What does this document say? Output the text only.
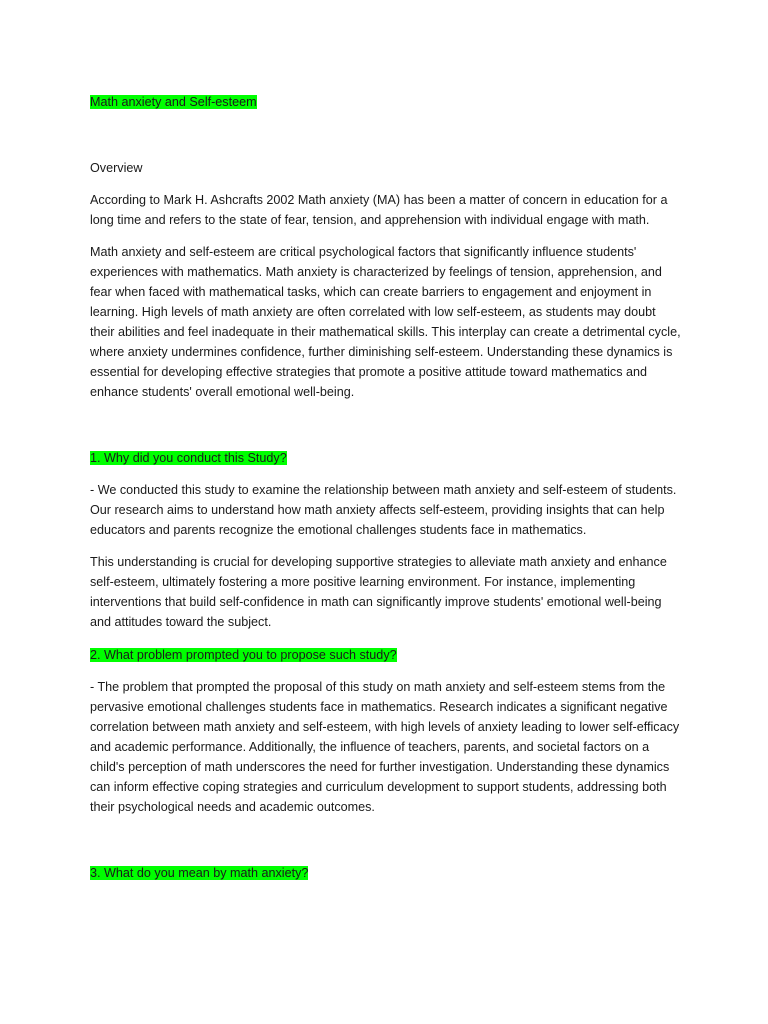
Math anxiety and Self-esteem
Overview

According to Mark H. Ashcrafts 2002 Math anxiety (MA) has been a matter of concern in education for a long time and refers to the state of fear, tension, and apprehension with individual engage with math.

Math anxiety and self-esteem are critical psychological factors that significantly influence students' experiences with mathematics. Math anxiety is characterized by feelings of tension, apprehension, and fear when faced with mathematical tasks, which can create barriers to engagement and enjoyment in learning. High levels of math anxiety are often correlated with low self-esteem, as students may doubt their abilities and feel inadequate in their mathematical skills. This interplay can create a detrimental cycle, where anxiety undermines confidence, further diminishing self-esteem. Understanding these dynamics is essential for developing effective strategies that promote a positive attitude toward mathematics and enhance students' overall emotional well-being.

1. Why did you conduct this Study?

- We conducted this study to examine the relationship between math anxiety and self-esteem of students. Our research aims to understand how math anxiety affects self-esteem, providing insights that can help educators and parents recognize the emotional challenges students face in mathematics.

This understanding is crucial for developing supportive strategies to alleviate math anxiety and enhance self-esteem, ultimately fostering a more positive learning environment. For instance, implementing interventions that build self-confidence in math can significantly improve students' emotional well-being and attitudes toward the subject.

2. What problem prompted you to propose such study?

- The problem that prompted the proposal of this study on math anxiety and self-esteem stems from the pervasive emotional challenges students face in mathematics. Research indicates a significant negative correlation between math anxiety and self-esteem, with high levels of anxiety leading to lower self-efficacy and academic performance. Additionally, the influence of teachers, parents, and societal factors on a child's perception of math underscores the need for further investigation. Understanding these dynamics can inform effective coping strategies and curriculum development to support students, addressing both their psychological needs and academic outcomes.

3. What do you mean by math anxiety?
